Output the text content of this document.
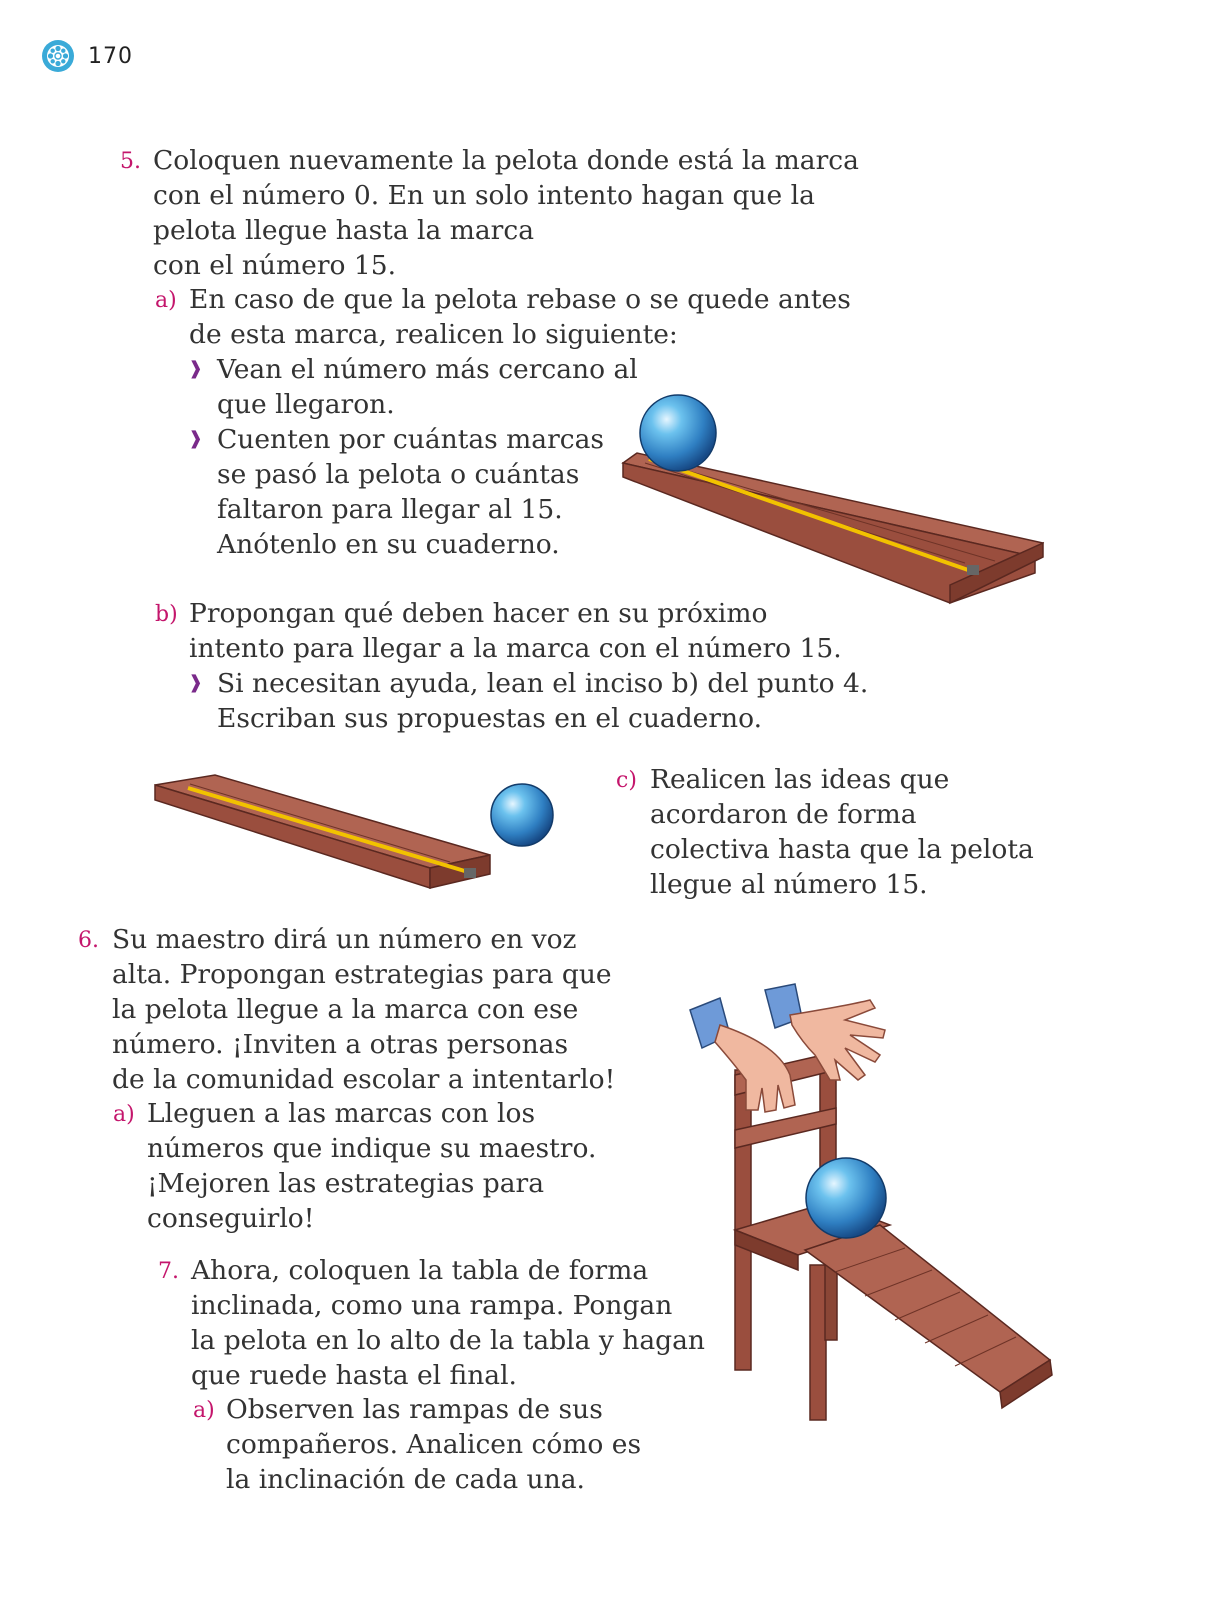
170
5. Coloquen nuevamente la pelota donde está la marca
con el número 0. En un solo intento hagan que la
pelota llegue hasta la marca
con el número 15.
a) En caso de que la pelota rebase o se quede antes
de esta marca, realicen lo siguiente:
❱ Vean el número más cercano al
que llegaron.
❱ Cuenten por cuántas marcas
se pasó la pelota o cuántas
faltaron para llegar al 15.
Anótenlo en su cuaderno.
b) Propongan qué deben hacer en su próximo
intento para llegar a la marca con el número 15.
❱ Si necesitan ayuda, lean el inciso b) del punto 4.
Escriban sus propuestas en el cuaderno.
c) Realicen las ideas que
acordaron de forma
colectiva hasta que la pelota
llegue al número 15.
6. Su maestro dirá un número en voz
alta. Propongan estrategias para que
la pelota llegue a la marca con ese
número. ¡Inviten a otras personas
de la comunidad escolar a intentarlo!
a) Lleguen a las marcas con los
números que indique su maestro.
¡Mejoren las estrategias para
conseguirlo!
7. Ahora, coloquen la tabla de forma
inclinada, como una rampa. Pongan
la pelota en lo alto de la tabla y hagan
que ruede hasta el final.
a) Observen las rampas de sus
compañeros. Analicen cómo es
la inclinación de cada una.
